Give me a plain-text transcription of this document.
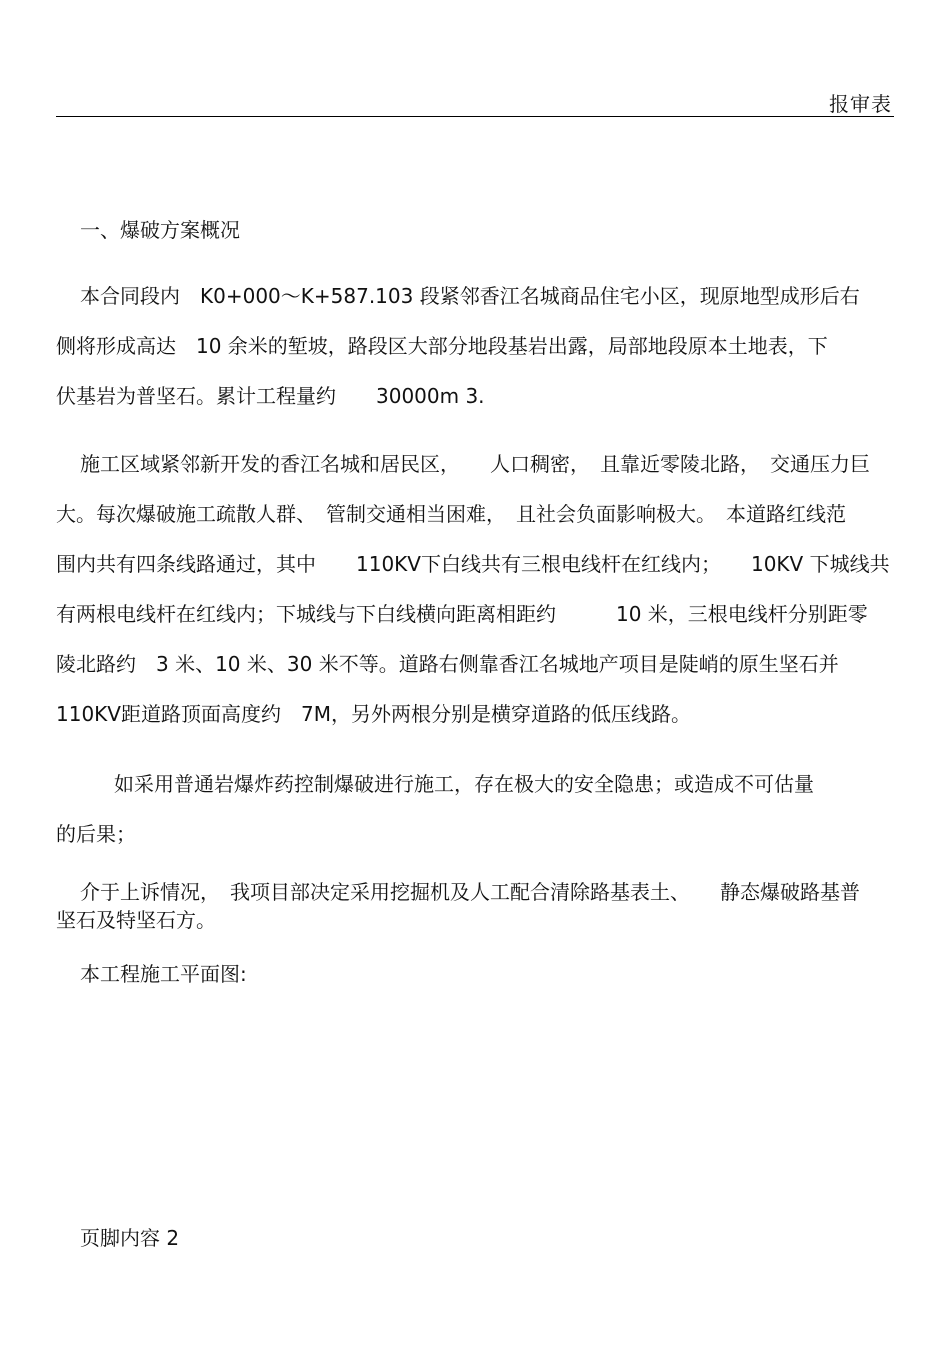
报审表
一、爆破方案概况
本合同段内　K0+000～K+587.103 段紧邻香江名城商品住宅小区，现原地型成形后右
侧将形成高达　10 余米的堑坡，路段区大部分地段基岩出露，局部地段原本土地表，下
伏基岩为普坚石。累计工程量约　　30000m 3.
施工区域紧邻新开发的香江名城和居民区，　　人口稠密，　且靠近零陵北路，　交通压力巨
大。每次爆破施工疏散人群、　管制交通相当困难，　且社会负面影响极大。　本道路红线范
围内共有四条线路通过，其中　　110KV下白线共有三根电线杆在红线内；　　10KV 下城线共
有两根电线杆在红线内；下城线与下白线横向距离相距约　　　10 米，三根电线杆分别距零
陵北路约　3 米、10 米、30 米不等。道路右侧靠香江名城地产项目是陡峭的原生坚石并
110KV距道路顶面高度约　7M，另外两根分别是横穿道路的低压线路。
如采用普通岩爆炸药控制爆破进行施工，存在极大的安全隐患；或造成不可估量
的后果；
介于上诉情况，　我项目部决定采用挖掘机及人工配合清除路基表土、　　静态爆破路基普
坚石及特坚石方。
本工程施工平面图:
页脚内容 2
